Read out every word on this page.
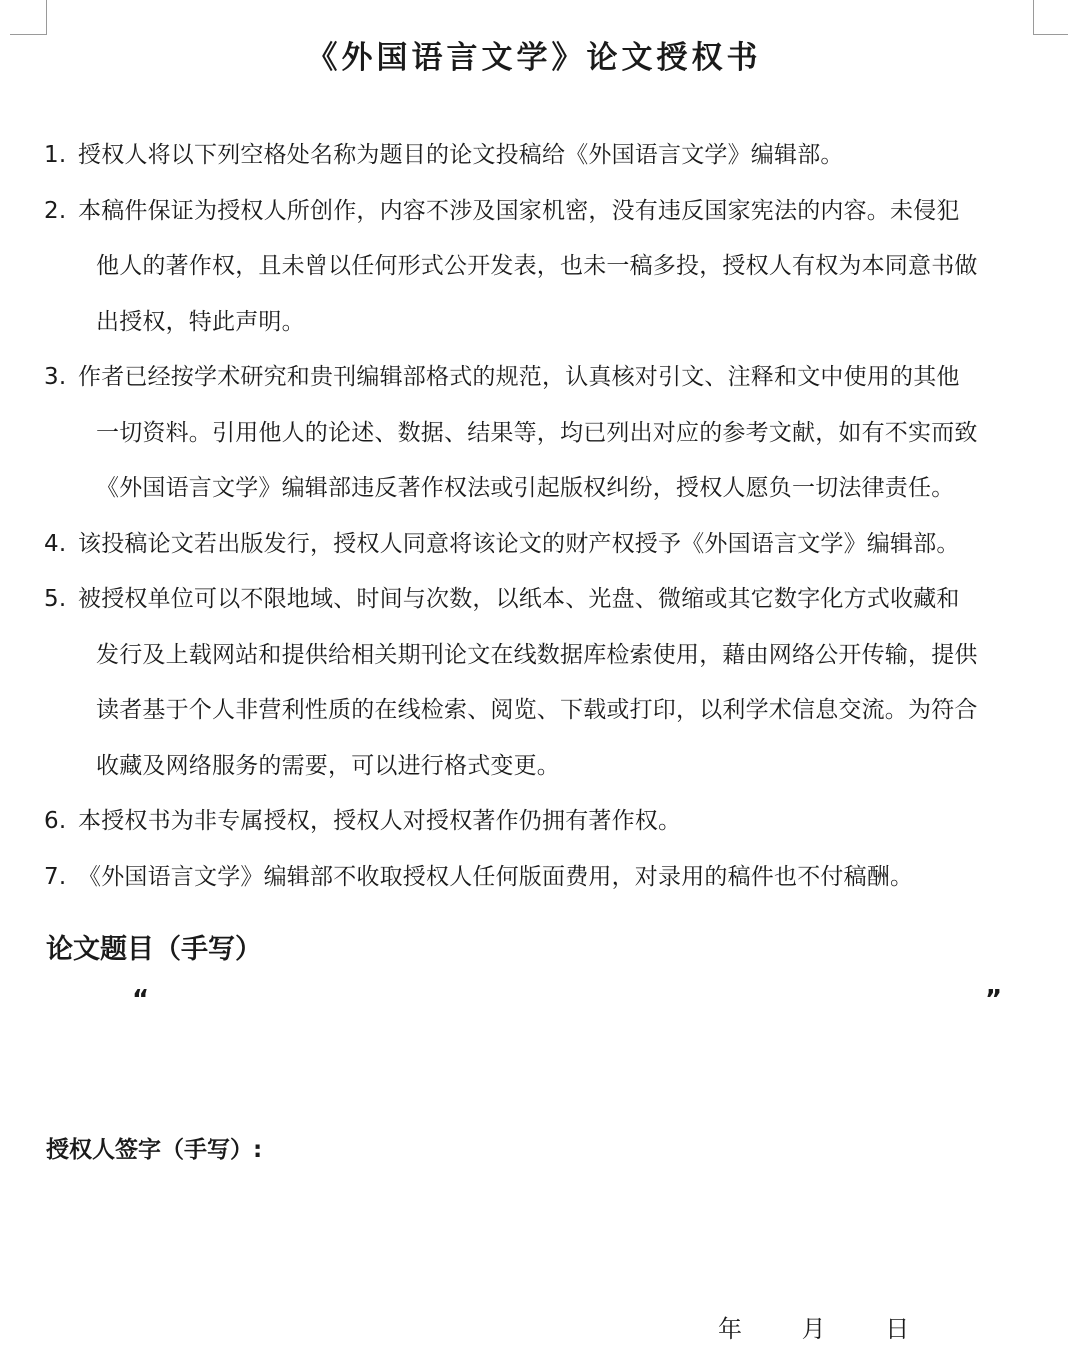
《外国语言文学》论文授权书
1. 授权人将以下列空格处名称为题目的论文投稿给《外国语言文学》编辑部。
2. 本稿件保证为授权人所创作，内容不涉及国家机密，没有违反国家宪法的内容。未侵犯
他人的著作权，且未曾以任何形式公开发表，也未一稿多投，授权人有权为本同意书做
出授权，特此声明。
3. 作者已经按学术研究和贵刊编辑部格式的规范，认真核对引文、注释和文中使用的其他
一切资料。引用他人的论述、数据、结果等，均已列出对应的参考文献，如有不实而致
《外国语言文学》编辑部违反著作权法或引起版权纠纷，授权人愿负一切法律责任。
4. 该投稿论文若出版发行，授权人同意将该论文的财产权授予《外国语言文学》编辑部。
5. 被授权单位可以不限地域、时间与次数，以纸本、光盘、微缩或其它数字化方式收藏和
发行及上载网站和提供给相关期刊论文在线数据库检索使用，藉由网络公开传输，提供
读者基于个人非营利性质的在线检索、阅览、下载或打印，以利学术信息交流。为符合
收藏及网络服务的需要，可以进行格式变更。
6. 本授权书为非专属授权，授权人对授权著作仍拥有著作权。
7. 《外国语言文学》编辑部不收取授权人任何版面费用，对录用的稿件也不付稿酬。
论文题目（手写）
“	”
授权人签字（手写）:
年 月 日
